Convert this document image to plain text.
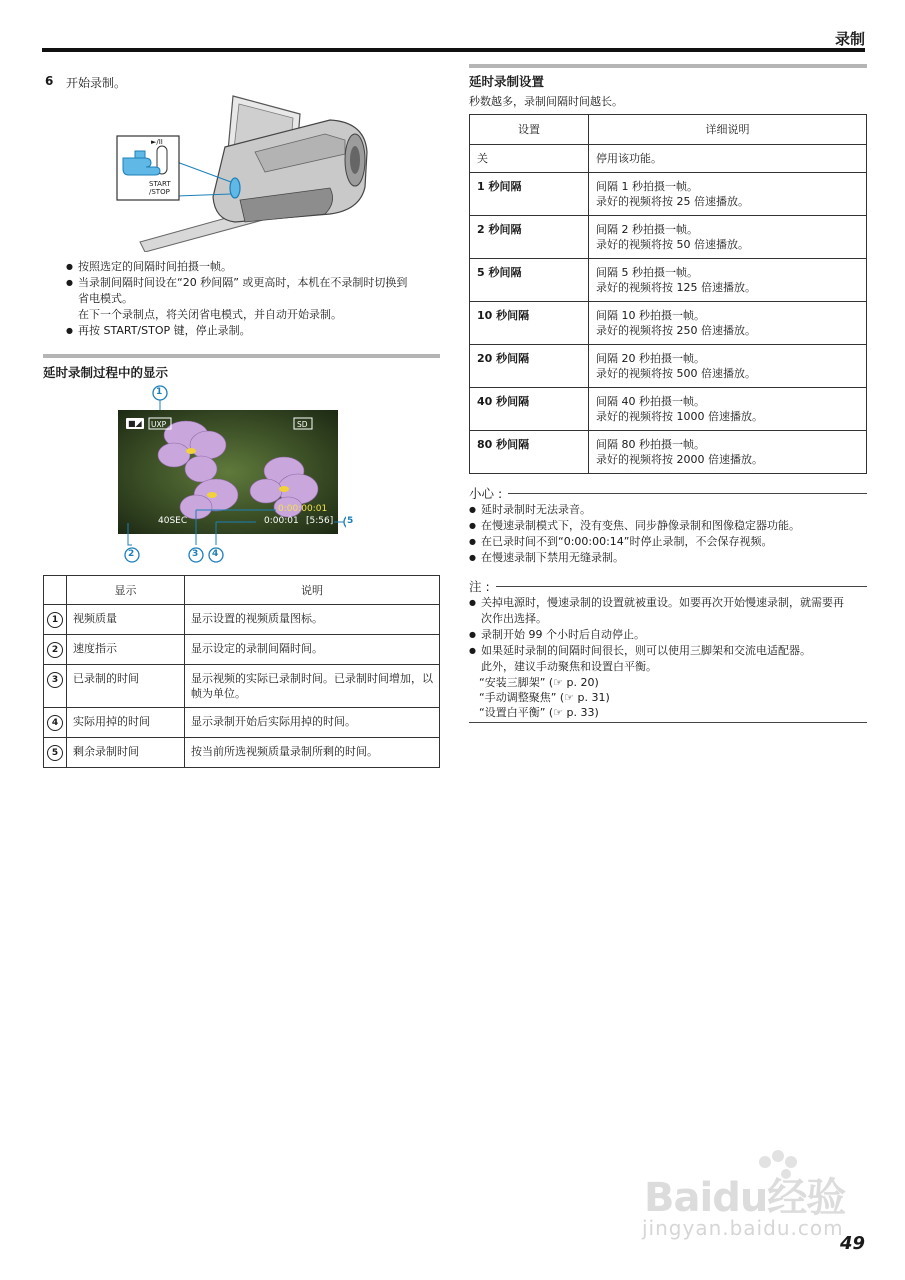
录制
6 开始录制。
►/II
START
/STOP
● 按照选定的间隔时间拍摄一帧。
● 当录制间隔时间设在“20 秒间隔” 或更高时，本机在不录制时切换到
省电模式。
在下一个录制点，将关闭省电模式，并自动开始录制。
● 再按 START/STOP 键，停止录制。
延时录制过程中的显示
1
2	3 4
5
■◢ UXP	SD
40SEC
0:00:00:01
0:00:01 [5:56]
	显示	说明
1	视频质量	显示设置的视频质量图标。
2	速度指示	显示设定的录制间隔时间。
3	已录制的时间	显示视频的实际已录制时间。已录制时间增加，以帧为单位。
4	实际用掉的时间	显示录制开始后实际用掉的时间。
5	剩余录制时间	按当前所选视频质量录制所剩的时间。
延时录制设置
秒数越多，录制间隔时间越长。
设置	详细说明
关	停用该功能。
1 秒间隔	间隔 1 秒拍摄一帧。
录好的视频将按 25 倍速播放。
2 秒间隔	间隔 2 秒拍摄一帧。
录好的视频将按 50 倍速播放。
5 秒间隔	间隔 5 秒拍摄一帧。
录好的视频将按 125 倍速播放。
10 秒间隔	间隔 10 秒拍摄一帧。
录好的视频将按 250 倍速播放。
20 秒间隔	间隔 20 秒拍摄一帧。
录好的视频将按 500 倍速播放。
40 秒间隔	间隔 40 秒拍摄一帧。
录好的视频将按 1000 倍速播放。
80 秒间隔	间隔 80 秒拍摄一帧。
录好的视频将按 2000 倍速播放。
小心 :
● 延时录制时无法录音。
● 在慢速录制模式下，没有变焦、同步静像录制和图像稳定器功能。
● 在已录时间不到“0:00:00:14”时停止录制，不会保存视频。
● 在慢速录制下禁用无缝录制。
注 :
● 关掉电源时，慢速录制的设置就被重设。如要再次开始慢速录制，就需要再
次作出选择。
● 录制开始 99 个小时后自动停止。
● 如果延时录制的间隔时间很长，则可以使用三脚架和交流电适配器。
此外，建议手动聚焦和设置白平衡。
“安装三脚架” (☞ p. 20)
“手动调整聚焦” (☞ p. 31)
“设置白平衡” (☞ p. 33)
Baidu经验
jingyan.baidu.com
49
